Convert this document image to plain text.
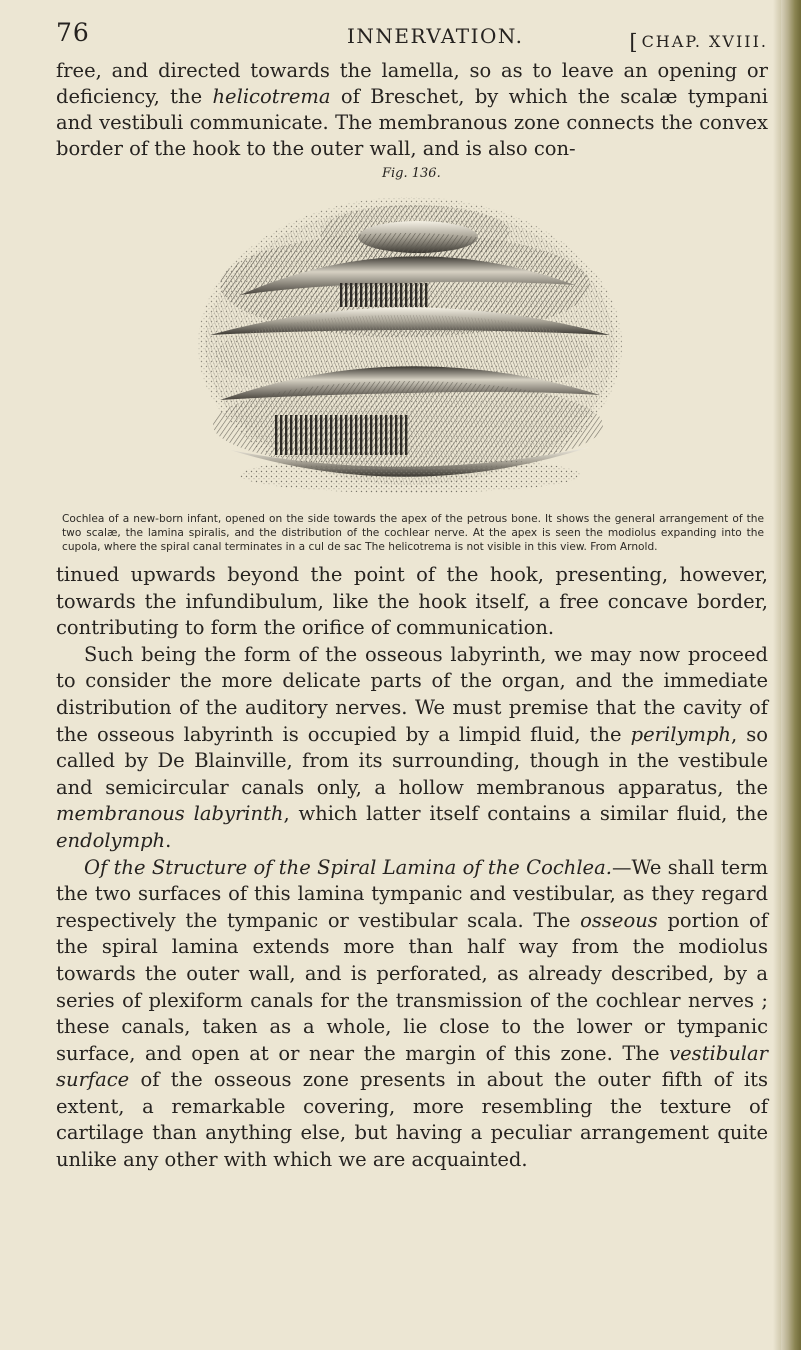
76	INNERVATION.	[ CHAP. XVIII.

free, and directed towards the lamella, so as to leave an opening or deficiency, the helicotrema of Breschet, by which the scalæ tympani and vestibuli communicate. The membranous zone connects the convex border of the hook to the outer wall, and is also con-

Fig. 136.

Cochlea of a new-born infant, opened on the side towards the apex of the petrous bone. It shows the general arrangement of the two scalæ, the lamina spiralis, and the distribution of the cochlear nerve. At the apex is seen the modiolus expanding into the cupola, where the spiral canal terminates in a cul de sac The helicotrema is not visible in this view. From Arnold.

tinued upwards beyond the point of the hook, presenting, however, towards the infundibulum, like the hook itself, a free concave border, contributing to form the orifice of communication.

Such being the form of the osseous labyrinth, we may now proceed to consider the more delicate parts of the organ, and the immediate distribution of the auditory nerves. We must premise that the cavity of the osseous labyrinth is occupied by a limpid fluid, the perilymph, so called by De Blainville, from its surrounding, though in the vestibule and semicircular canals only, a hollow membranous apparatus, the membranous labyrinth, which latter itself contains a similar fluid, the endolymph.

Of the Structure of the Spiral Lamina of the Cochlea.—We shall term the two surfaces of this lamina tympanic and vestibular, as they regard respectively the tympanic or vestibular scala. The osseous portion of the spiral lamina extends more than half way from the modiolus towards the outer wall, and is perforated, as already described, by a series of plexiform canals for the transmission of the cochlear nerves ; these canals, taken as a whole, lie close to the lower or tympanic surface, and open at or near the margin of this zone. The vestibular surface of the osseous zone presents in about the outer fifth of its extent, a remarkable covering, more resembling the texture of cartilage than anything else, but having a peculiar arrangement quite unlike any other with which we are acquainted.
